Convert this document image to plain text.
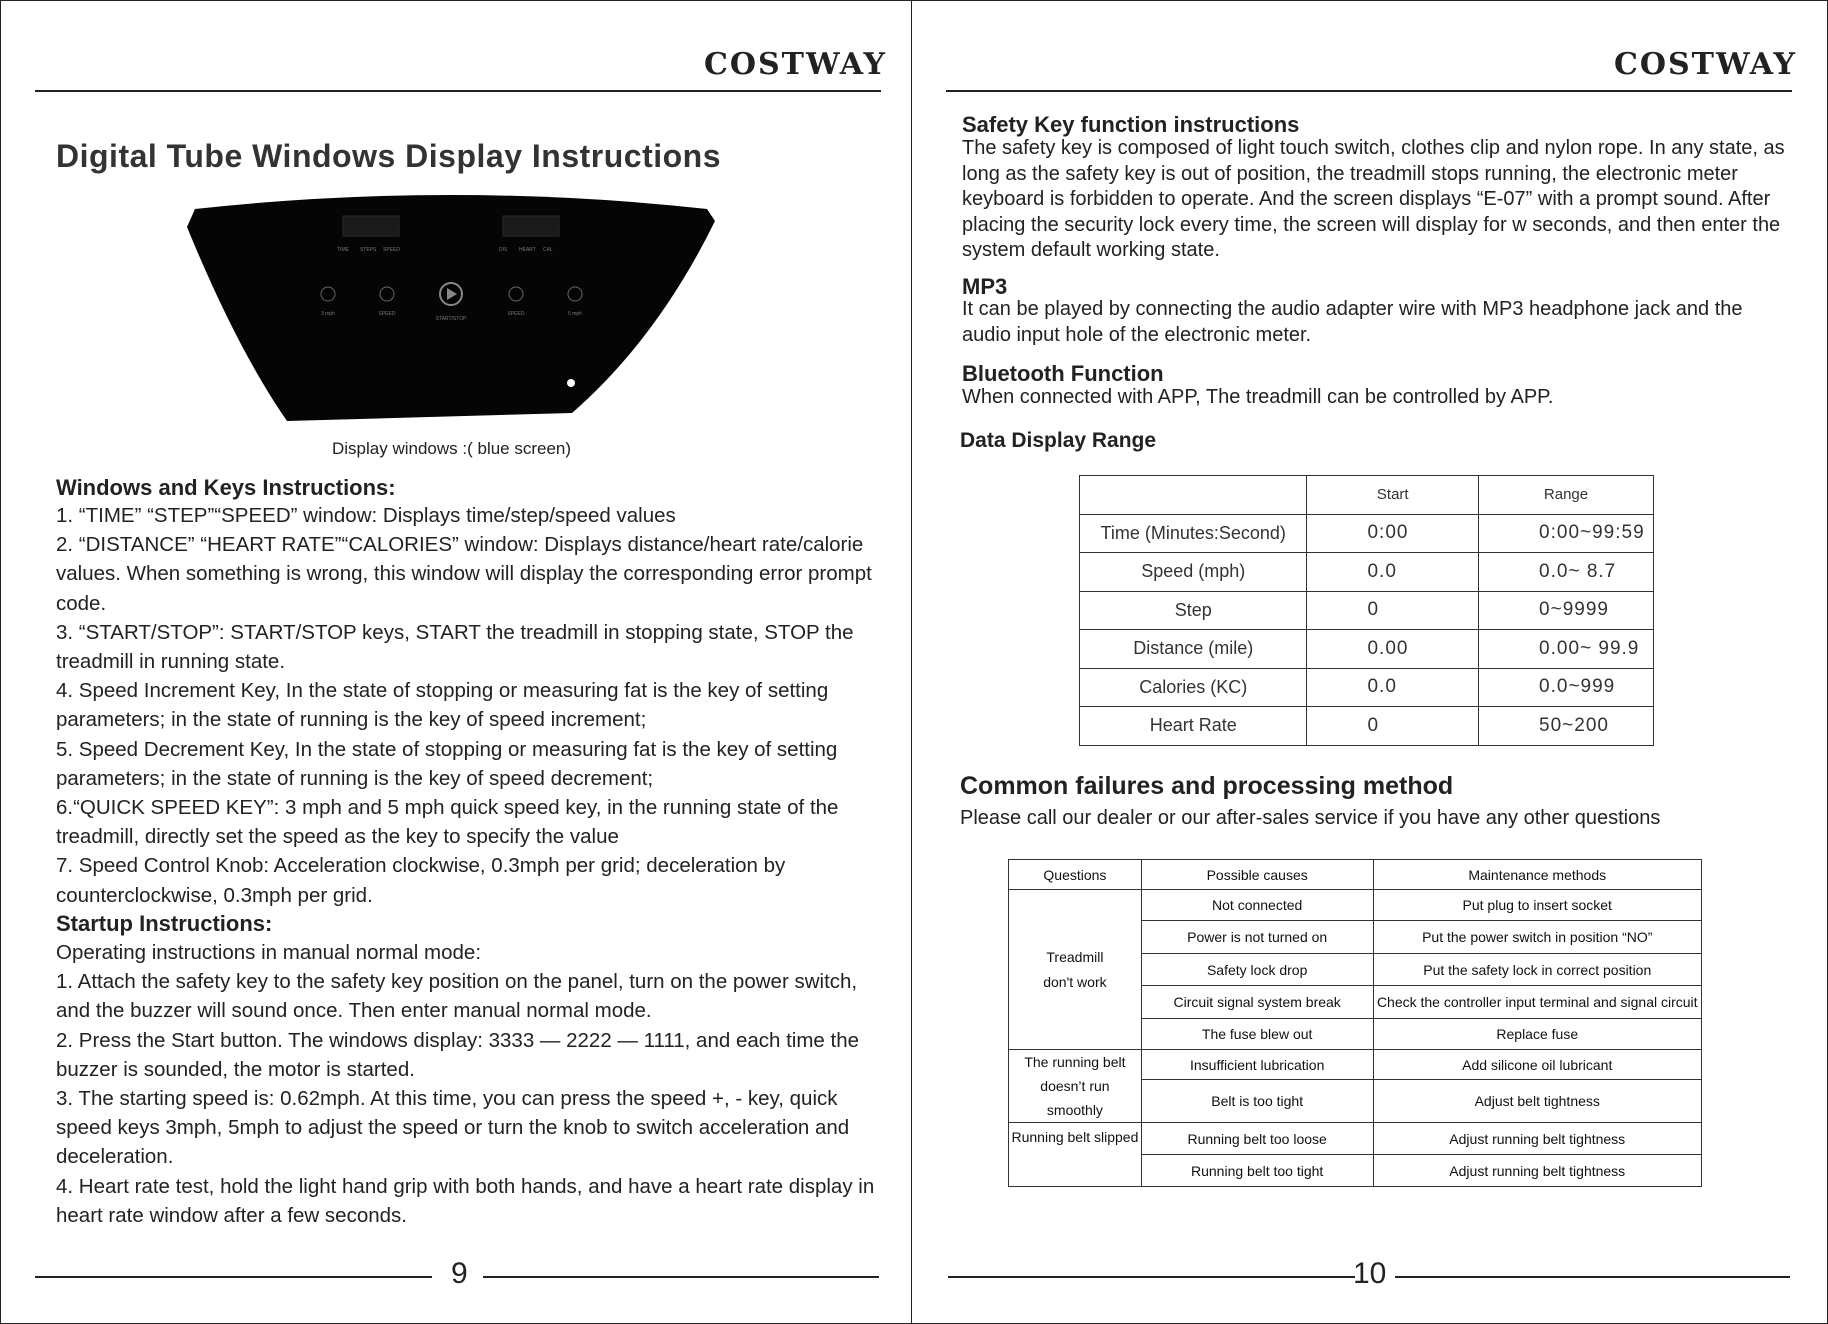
COSTWAY
Digital Tube Windows Display Instructions
TIME STEPS SPEED	DIS HEART CAL
3 mph	SPEED
START/STOP
SPEED	5 mph
Display windows :( blue screen)
Windows and Keys Instructions:

1. “TIME” “STEP”“SPEED” window: Displays time/step/speed values

2. “DISTANCE” “HEART RATE”“CALORIES” window: Displays distance/heart rate/calorie values. When something is wrong, this window will display the corresponding error prompt code.

3. “START/STOP”: START/STOP keys, START the treadmill in stopping state, STOP the treadmill in running state.

4. Speed Increment Key, In the state of stopping or measuring fat is the key of setting parameters; in the state of running is the key of speed increment;

5. Speed Decrement Key, In the state of stopping or measuring fat is the key of setting parameters; in the state of running is the key of speed decrement;

6.“QUICK SPEED KEY”: 3 mph and 5 mph quick speed key, in the running state of the treadmill, directly set the speed as the key to specify the value

7. Speed Control Knob: Acceleration clockwise, 0.3mph per grid; deceleration by counterclockwise, 0.3mph per grid.

Startup Instructions:

Operating instructions in manual normal mode:

1. Attach the safety key to the safety key position on the panel, turn on the power switch, and the buzzer will sound once. Then enter manual normal mode.

2. Press the Start button. The windows display: 3333 — 2222 — 1111, and each time the buzzer is sounded, the motor is started.

3. The starting speed is: 0.62mph. At this time, you can press the speed +, - key, quick speed keys 3mph, 5mph to adjust the speed or turn the knob to switch acceleration and deceleration.

4. Heart rate test, hold the light hand grip with both hands, and have a heart rate display in heart rate window after a few seconds.

9
COSTWAY
Safety Key function instructions
The safety key is composed of light touch switch, clothes clip and nylon rope. In any state, as long as the safety key is out of position, the treadmill stops running, the electronic meter keyboard is forbidden to operate. And the screen displays “E-07” with a prompt sound. After placing the security lock every time, the screen will display for w seconds, and then enter the system default working state.
MP3
It can be played by connecting the audio adapter wire with MP3 headphone jack and the audio input hole of the electronic meter.
Bluetooth Function
When connected with APP, The treadmill can be controlled by APP.
Data Display Range
	Start	Range
Time (Minutes:Second)	0:00	0:00~99:59
Speed (mph)	0.0	0.0~ 8.7
Step	0	0~9999
Distance (mile)	0.00	0.00~ 99.9
Calories (KC)	0.0	0.0~999
Heart Rate	0	50~200
Common failures and processing method
Please call our dealer or our after-sales service if you have any other questions
Questions	Possible causes	Maintenance methods

Treadmill
don't work	Not connected	Put plug to insert socket
	Power is not turned on	Put the power switch in position “NO”
	Safety lock drop	Put the safety lock in correct position
	Circuit signal system break	Check the controller input terminal and signal circuit
	The fuse blew out	Replace fuse

The running belt
doesn’t run
smoothly	Insufficient lubrication	Add silicone oil lubricant
	Belt is too tight	Adjust belt tightness

Running belt slipped	Running belt too loose	Adjust running belt tightness
	Running belt too tight	Adjust running belt tightness
10
